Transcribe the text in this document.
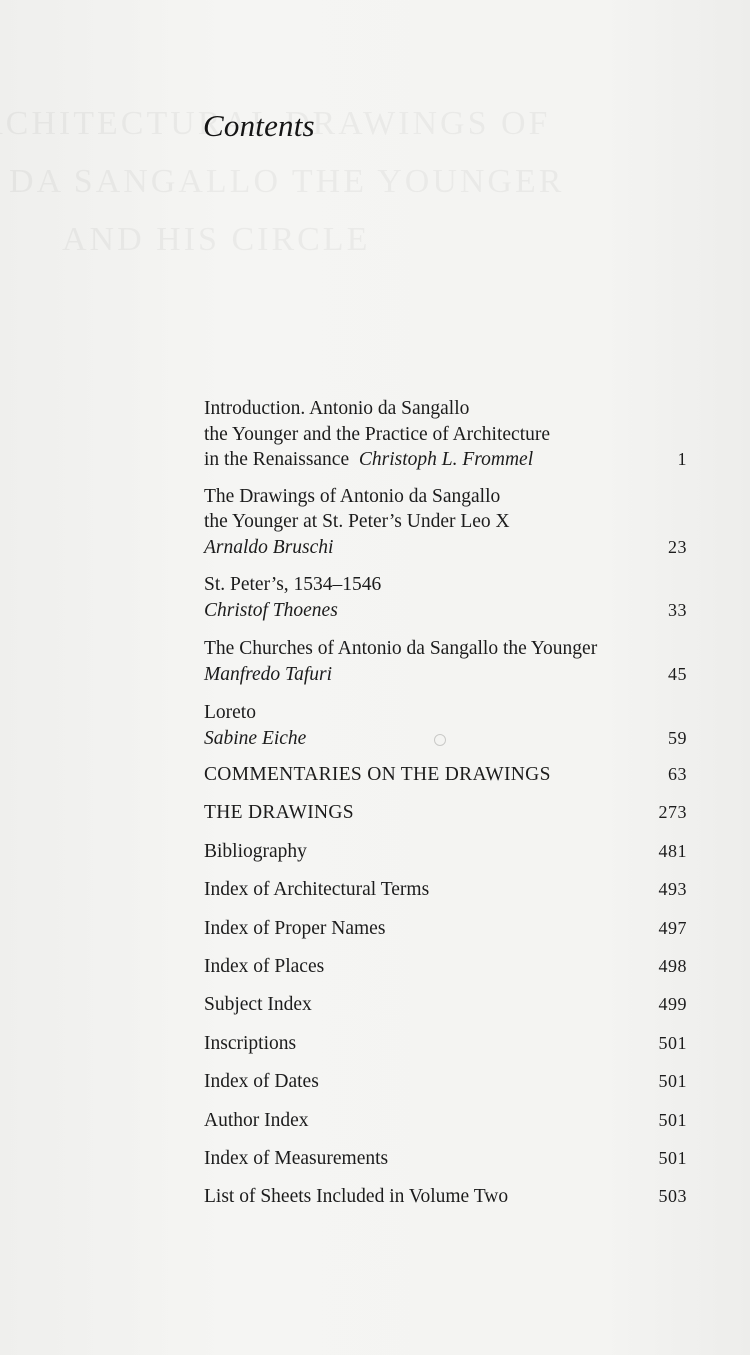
Contents
Introduction. Antonio da Sangallo
the Younger and the Practice of Architecture
in the Renaissance Christoph L. Frommel	1
The Drawings of Antonio da Sangallo
the Younger at St. Peter’s Under Leo X
Arnaldo Bruschi	23
St. Peter’s, 1534–1546
Christof Thoenes	33
The Churches of Antonio da Sangallo the Younger
Manfredo Tafuri	45
Loreto
Sabine Eiche	59
COMMENTARIES ON THE DRAWINGS	63
THE DRAWINGS	273
Bibliography	481
Index of Architectural Terms	493
Index of Proper Names	497
Index of Places	498
Subject Index	499
Inscriptions	501
Index of Dates	501
Author Index	501
Index of Measurements	501
List of Sheets Included in Volume Two	503
